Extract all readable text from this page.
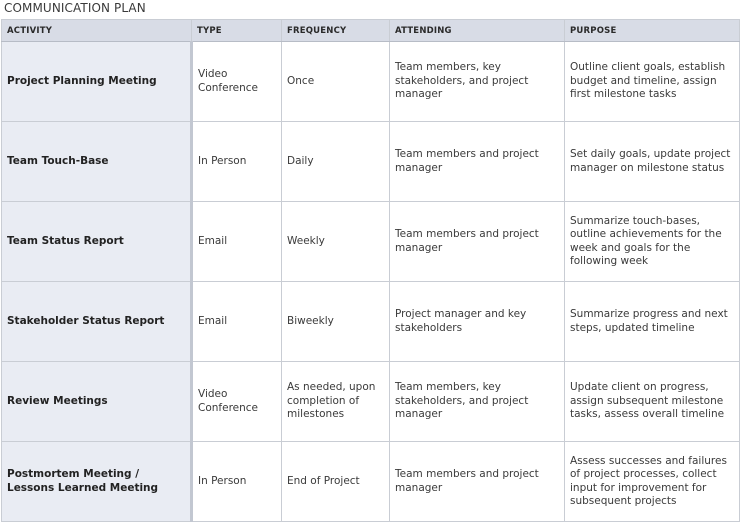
COMMUNICATION PLAN
ACTIVITY	TYPE	FREQUENCY	ATTENDING	PURPOSE
Project Planning Meeting	Video Conference	Once	Team members, key stakeholders, and project manager	Outline client goals, establish budget and timeline, assign first milestone tasks
Team Touch-Base	In Person	Daily	Team members and project manager	Set daily goals, update project manager on milestone status
Team Status Report	Email	Weekly	Team members and project manager	Summarize touch-bases, outline achievements for the week and goals for the following week
Stakeholder Status Report	Email	Biweekly	Project manager and key stakeholders	Summarize progress and next steps, updated timeline
Review Meetings	Video Conference	As needed, upon completion of milestones	Team members, key stakeholders, and project manager	Update client on progress, assign subsequent milestone tasks, assess overall timeline
Postmortem Meeting / Lessons Learned Meeting	In Person	End of Project	Team members and project manager	Assess successes and failures of project processes, collect input for improvement for subsequent projects
